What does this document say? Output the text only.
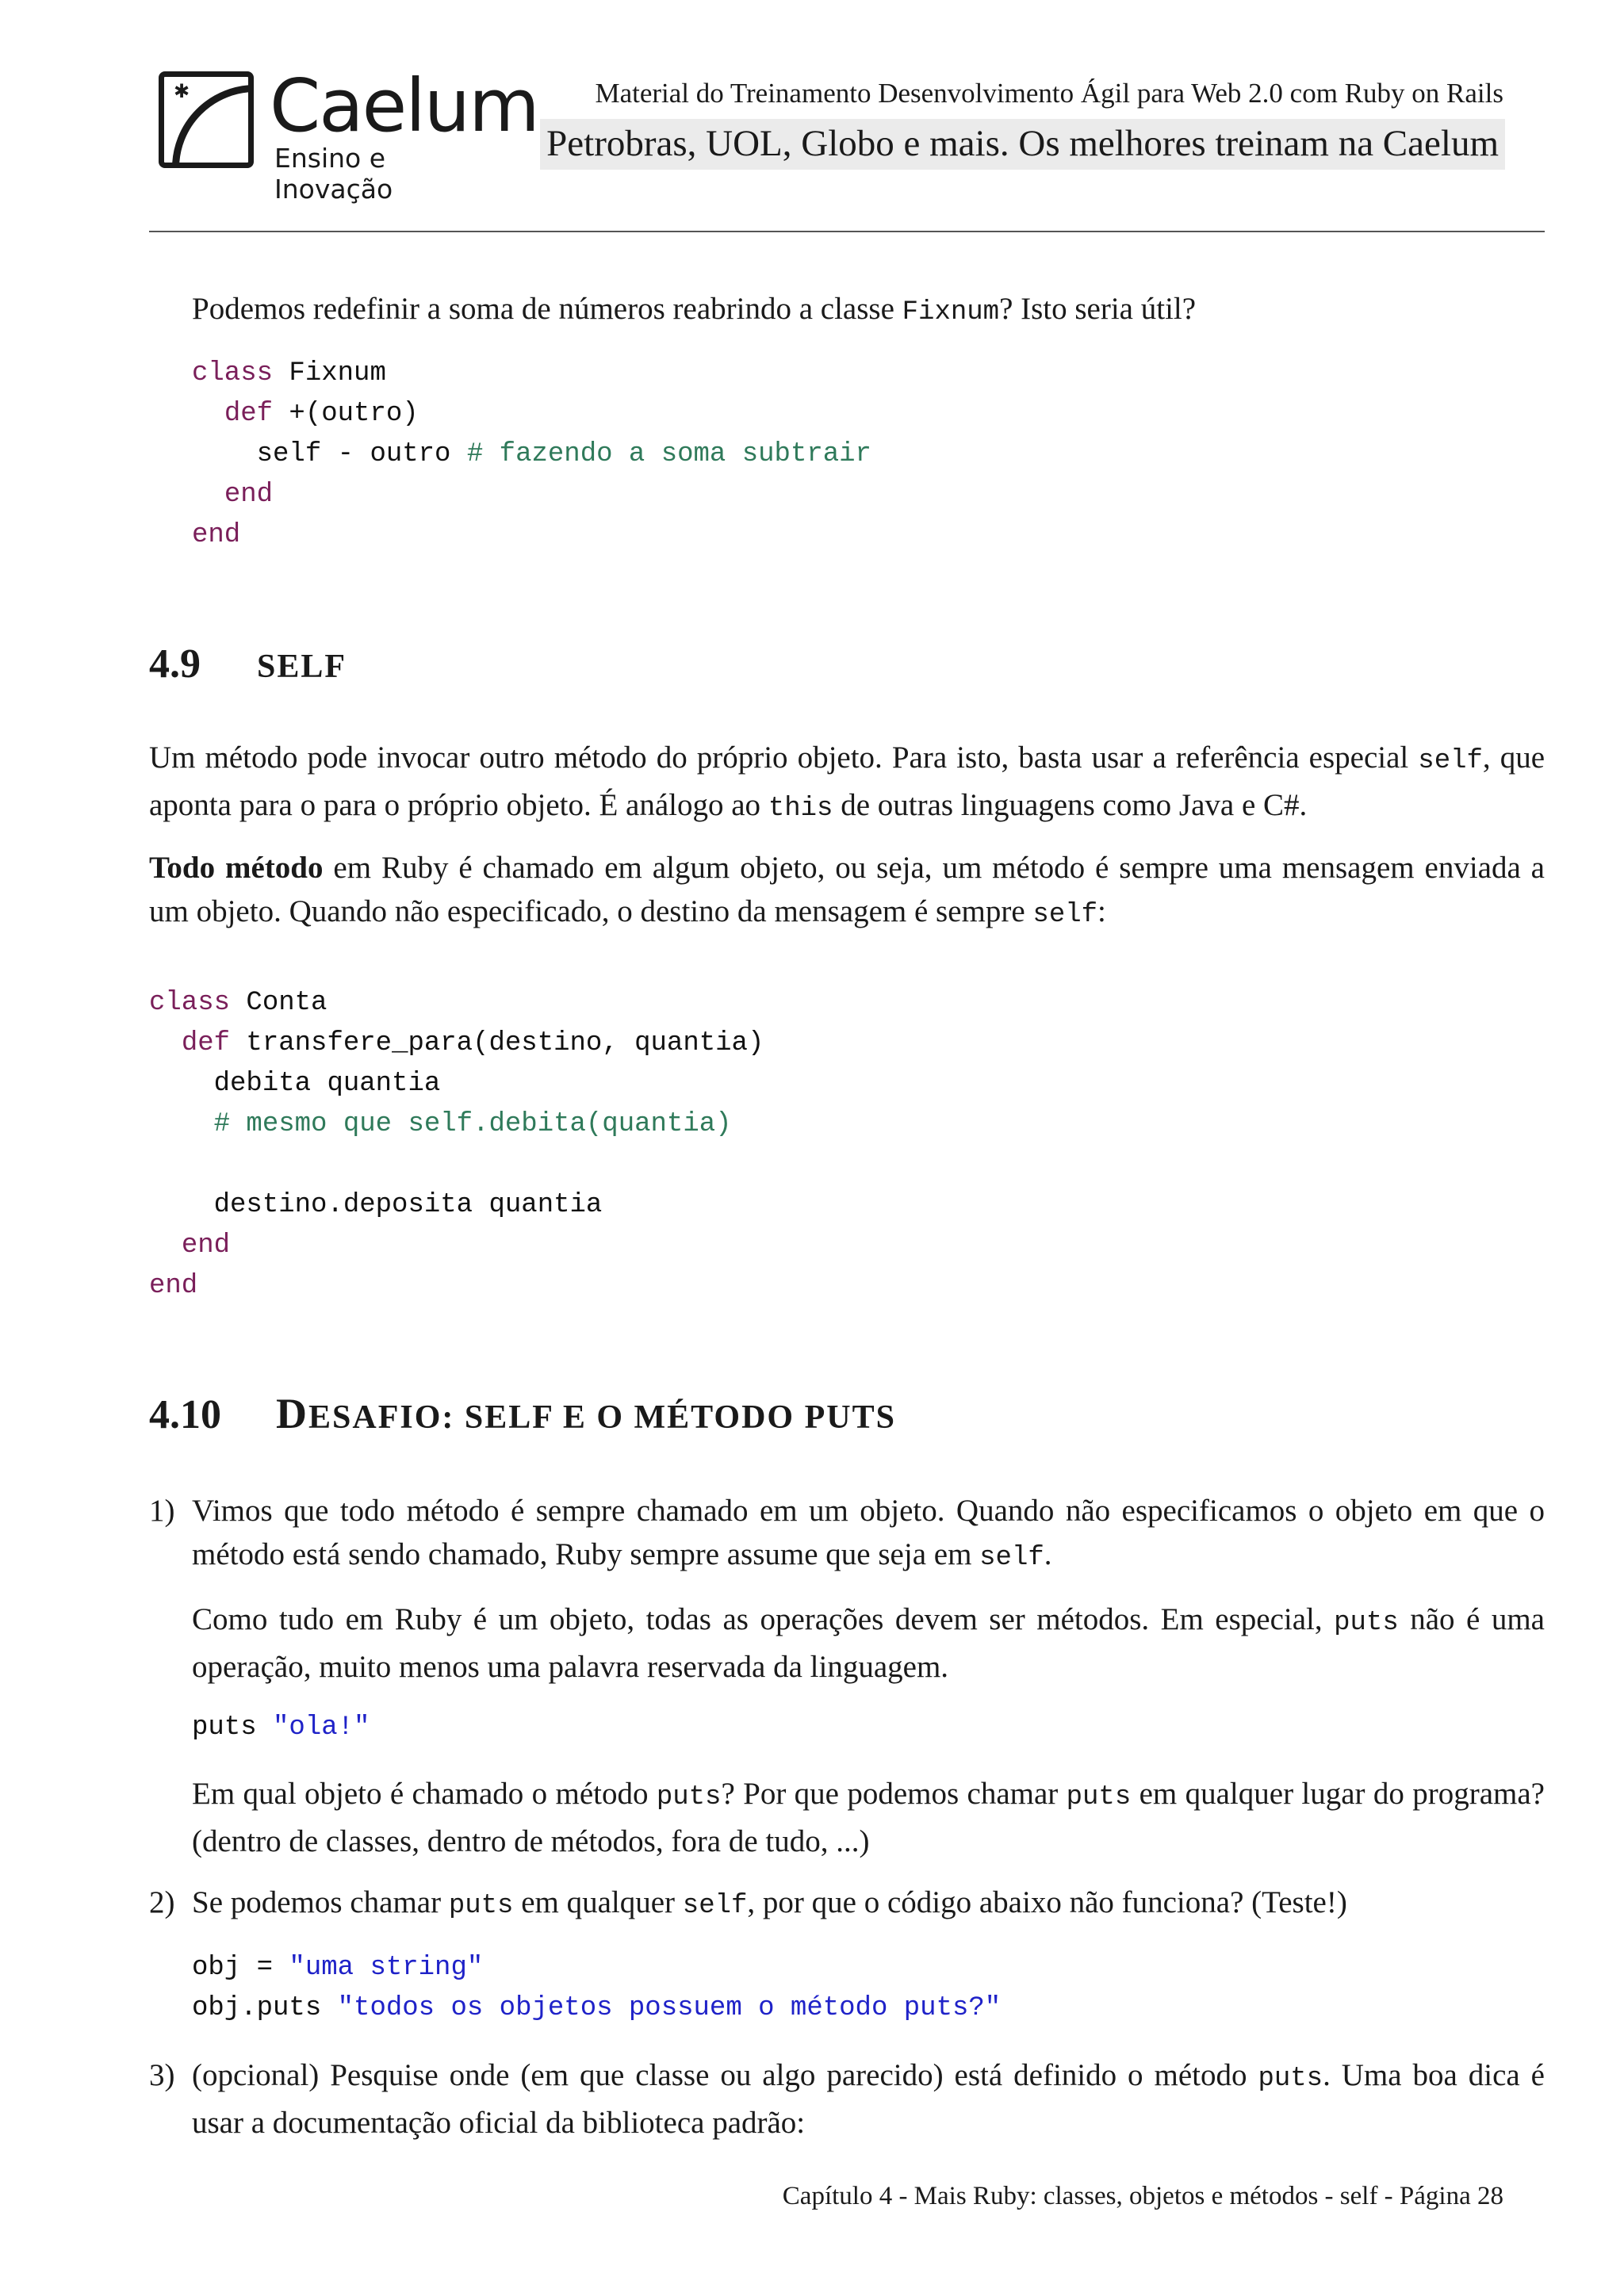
✱ Caelum
Ensino e Inovação
Material do Treinamento Desenvolvimento Ágil para Web 2.0 com Ruby on Rails
Petrobras, UOL, Globo e mais. Os melhores treinam na Caelum
Podemos redefinir a soma de números reabrindo a classe Fixnum? Isto seria útil?
class Fixnum
def +(outro)
self - outro # fazendo a soma subtrair
end
end
4.9 SELF
Um método pode invocar outro método do próprio objeto. Para isto, basta usar a referência especial self, que aponta para o para o próprio objeto. É análogo ao this de outras linguagens como Java e C#.
Todo método em Ruby é chamado em algum objeto, ou seja, um método é sempre uma mensagem enviada a um objeto. Quando não especificado, o destino da mensagem é sempre self:
class Conta
def transfere_para(destino, quantia)
debita quantia
# mesmo que self.debita(quantia)

destino.deposita quantia
end
end
4.10 DESAFIO: SELF E O MÉTODO PUTS
1) Vimos que todo método é sempre chamado em um objeto. Quando não especificamos o objeto em que o método está sendo chamado, Ruby sempre assume que seja em self.
Como tudo em Ruby é um objeto, todas as operações devem ser métodos. Em especial, puts não é uma operação, muito menos uma palavra reservada da linguagem.
puts "ola!"
Em qual objeto é chamado o método puts? Por que podemos chamar puts em qualquer lugar do programa? (dentro de classes, dentro de métodos, fora de tudo, ...)
2) Se podemos chamar puts em qualquer self, por que o código abaixo não funciona? (Teste!)
obj = "uma string"
obj.puts "todos os objetos possuem o método puts?"
3) (opcional) Pesquise onde (em que classe ou algo parecido) está definido o método puts. Uma boa dica é usar a documentação oficial da biblioteca padrão:
Capítulo 4 - Mais Ruby: classes, objetos e métodos - self - Página 28
